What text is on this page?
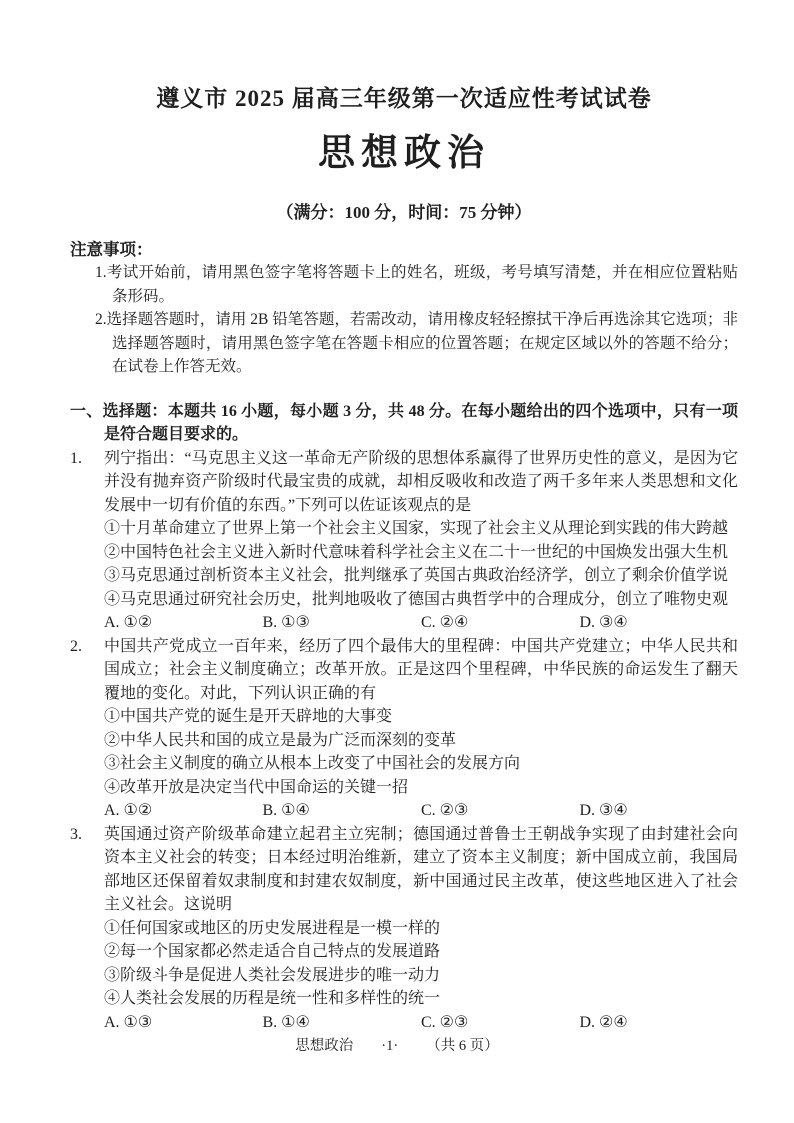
遵义市 2025 届高三年级第一次适应性考试试卷
思想政治
（满分：100 分，时间：75 分钟）
注意事项：
1.考试开始前，请用黑色签字笔将答题卡上的姓名，班级，考号填写清楚，并在相应位置粘贴条形码。
2.选择题答题时，请用 2B 铅笔答题，若需改动，请用橡皮轻轻擦拭干净后再选涂其它选项；非选择题答题时，请用黑色签字笔在答题卡相应的位置答题；在规定区域以外的答题不给分；在试卷上作答无效。
一、选择题：本题共 16 小题，每小题 3 分，共 48 分。在每小题给出的四个选项中，只有一项是符合题目要求的。
1.	列宁指出：“马克思主义这一革命无产阶级的思想体系赢得了世界历史性的意义，是因为它并没有抛弃资产阶级时代最宝贵的成就，却相反吸收和改造了两千多年来人类思想和文化发展中一切有价值的东西。”下列可以佐证该观点的是
①十月革命建立了世界上第一个社会主义国家，实现了社会主义从理论到实践的伟大跨越
②中国特色社会主义进入新时代意味着科学社会主义在二十一世纪的中国焕发出强大生机
③马克思通过剖析资本主义社会，批判继承了英国古典政治经济学，创立了剩余价值学说
④马克思通过研究社会历史，批判地吸收了德国古典哲学中的合理成分，创立了唯物史观
A. ①②	B. ①③	C. ②④	D. ③④
2.	中国共产党成立一百年来，经历了四个最伟大的里程碑：中国共产党建立；中华人民共和国成立；社会主义制度确立；改革开放。正是这四个里程碑，中华民族的命运发生了翻天覆地的变化。对此，下列认识正确的有
①中国共产党的诞生是开天辟地的大事变
②中华人民共和国的成立是最为广泛而深刻的变革
③社会主义制度的确立从根本上改变了中国社会的发展方向
④改革开放是决定当代中国命运的关键一招
A. ①②	B. ①④	C. ②③	D. ③④
3.	英国通过资产阶级革命建立起君主立宪制；德国通过普鲁士王朝战争实现了由封建社会向资本主义社会的转变；日本经过明治维新，建立了资本主义制度；新中国成立前，我国局部地区还保留着奴隶制度和封建农奴制度，新中国通过民主改革，使这些地区进入了社会主义社会。这说明
①任何国家或地区的历史发展进程是一模一样的
②每一个国家都必然走适合自己特点的发展道路
③阶级斗争是促进人类社会发展进步的唯一动力
④人类社会发展的历程是统一性和多样性的统一
A. ①③	B. ①④	C. ②③	D. ②④
思想政治 ·1· （共 6 页）
